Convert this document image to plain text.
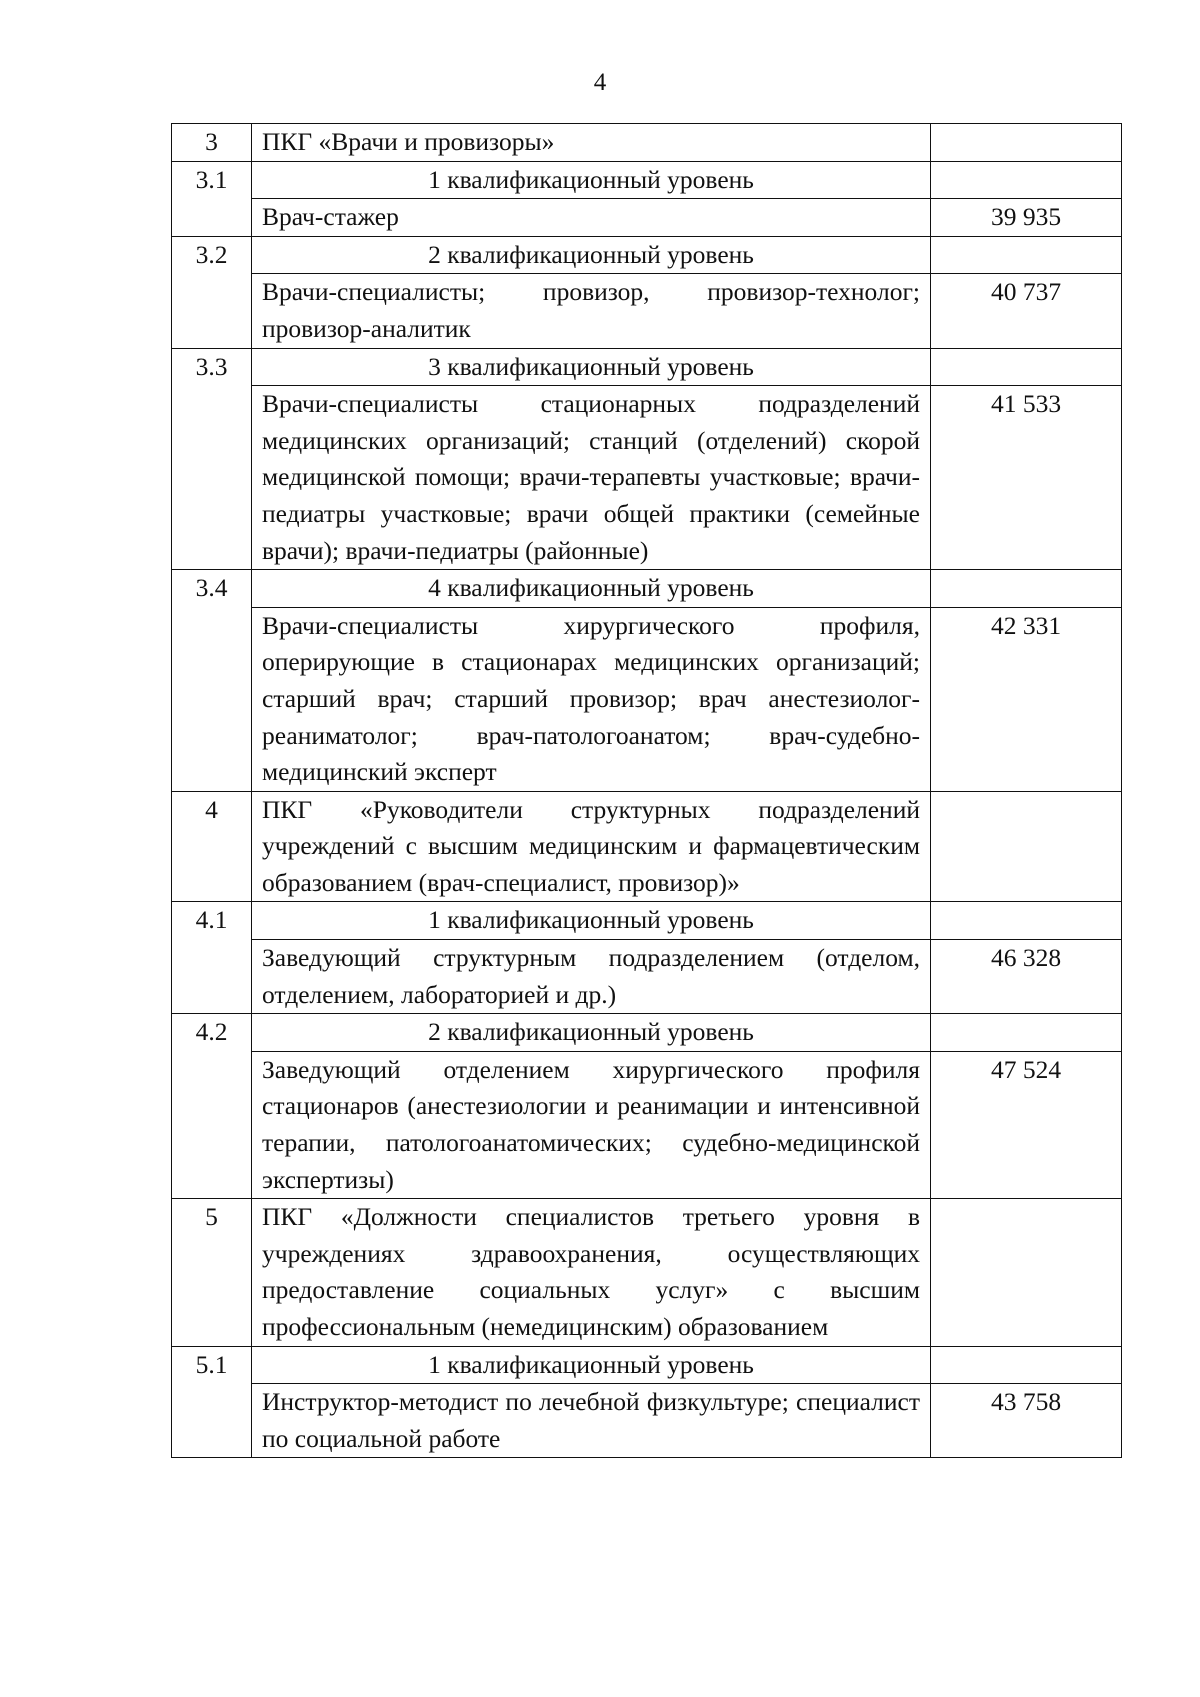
4
3	ПКГ «Врачи и провизоры»	
3.1	1 квалификационный уровень	
	Врач-стажер	39 935
3.2	2 квалификационный уровень	
	Врачи-специалисты; провизор, провизор-технолог; провизор-аналитик	40 737
3.3	3 квалификационный уровень	
	Врачи-специалисты стационарных подразделений медицинских организаций; станций (отделений) скорой медицинской помощи; врачи-терапевты участковые; врачи-педиатры участковые; врачи общей практики (семейные врачи); врачи-педиатры (районные)	41 533
3.4	4 квалификационный уровень	
	Врачи-специалисты хирургического профиля, оперирующие в стационарах медицинских организаций; старший врач; старший провизор; врач анестезиолог-реаниматолог; врач-патологоанатом; врач-судебно-медицинский эксперт	42 331
4	ПКГ «Руководители структурных подразделений учреждений с высшим медицинским и фармацевтическим образованием (врач-специалист, провизор)»	
4.1	1 квалификационный уровень	
	Заведующий структурным подразделением (отделом, отделением, лабораторией и др.)	46 328
4.2	2 квалификационный уровень	
	Заведующий отделением хирургического профиля стационаров (анестезиологии и реанимации и интенсивной терапии, патологоанатомических; судебно-медицинской экспертизы)	47 524
5	ПКГ «Должности специалистов третьего уровня в учреждениях здравоохранения, осуществляющих предоставление социальных услуг» с высшим профессиональным (немедицинским) образованием	
5.1	1 квалификационный уровень	
	Инструктор-методист по лечебной физкультуре; специалист по социальной работе	43 758
